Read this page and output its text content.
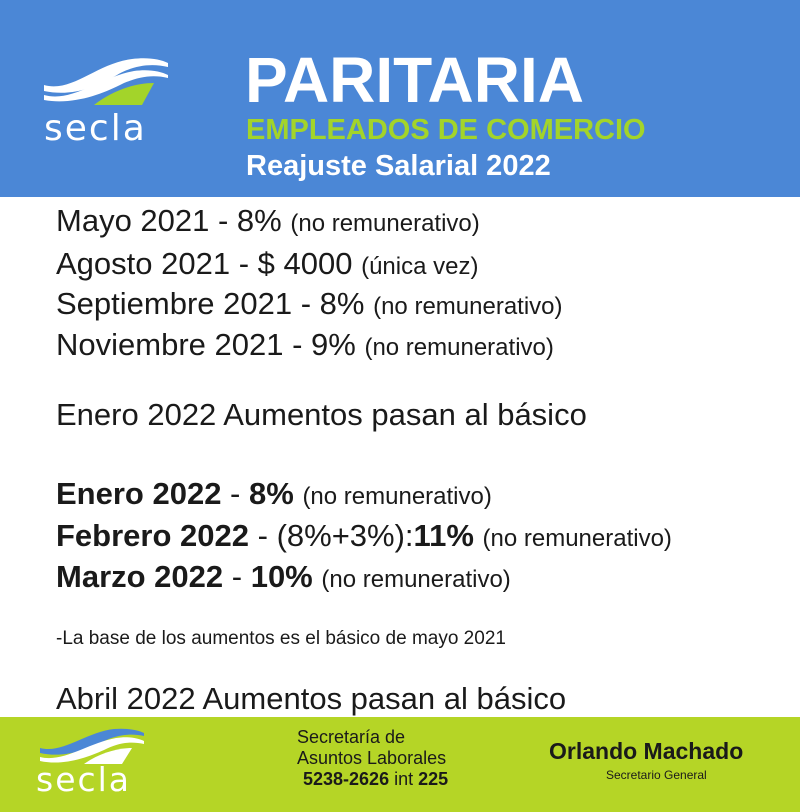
secla
PARITARIA
EMPLEADOS DE COMERCIO
Reajuste Salarial 2022
Mayo 2021 - 8% (no remunerativo)
Agosto 2021 - $ 4000 (única vez)
Septiembre 2021 - 8% (no remunerativo)
Noviembre 2021 - 9% (no remunerativo)
Enero 2022 Aumentos pasan al básico
Enero 2022 - 8% (no remunerativo)
Febrero 2022 - (8%+3%):11% (no remunerativo)
Marzo 2022 - 10% (no remunerativo)
-La base de los aumentos es el básico de mayo 2021
Abril 2022 Aumentos pasan al básico
secla
Secretaría de
Asuntos Laborales
5238-2626 int 225
Orlando Machado
Secretario General
